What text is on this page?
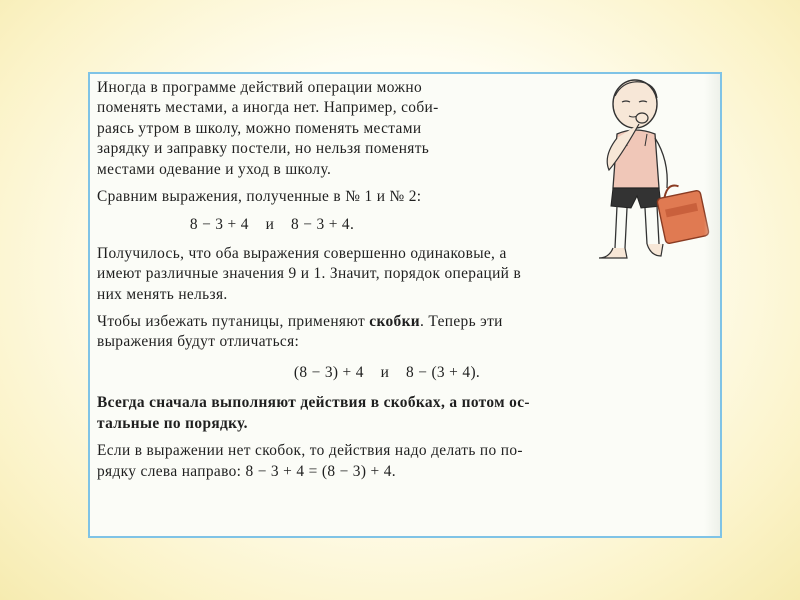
Иногда в программе действий операции можно
поменять местами, а иногда нет. Например, соби-
раясь утром в школу, можно поменять местами
зарядку и заправку постели, но нельзя поменять
местами одевание и уход в школу.

Сравним выражения, полученные в № 1 и № 2:

8 − 3 + 4    и    8 − 3 + 4.

Получилось, что оба выражения совершенно одинаковые, а
имеют различные значения 9 и 1. Значит, порядок операций в
них менять нельзя.

Чтобы избежать путаницы, применяют скобки. Теперь эти
выражения будут отличаться:

(8 − 3) + 4    и    8 − (3 + 4).

Всегда сначала выполняют действия в скобках, а потом ос-
тальные по порядку.

Если в выражении нет скобок, то действия надо делать по по-
рядку слева направо: 8 − 3 + 4 = (8 − 3) + 4.
